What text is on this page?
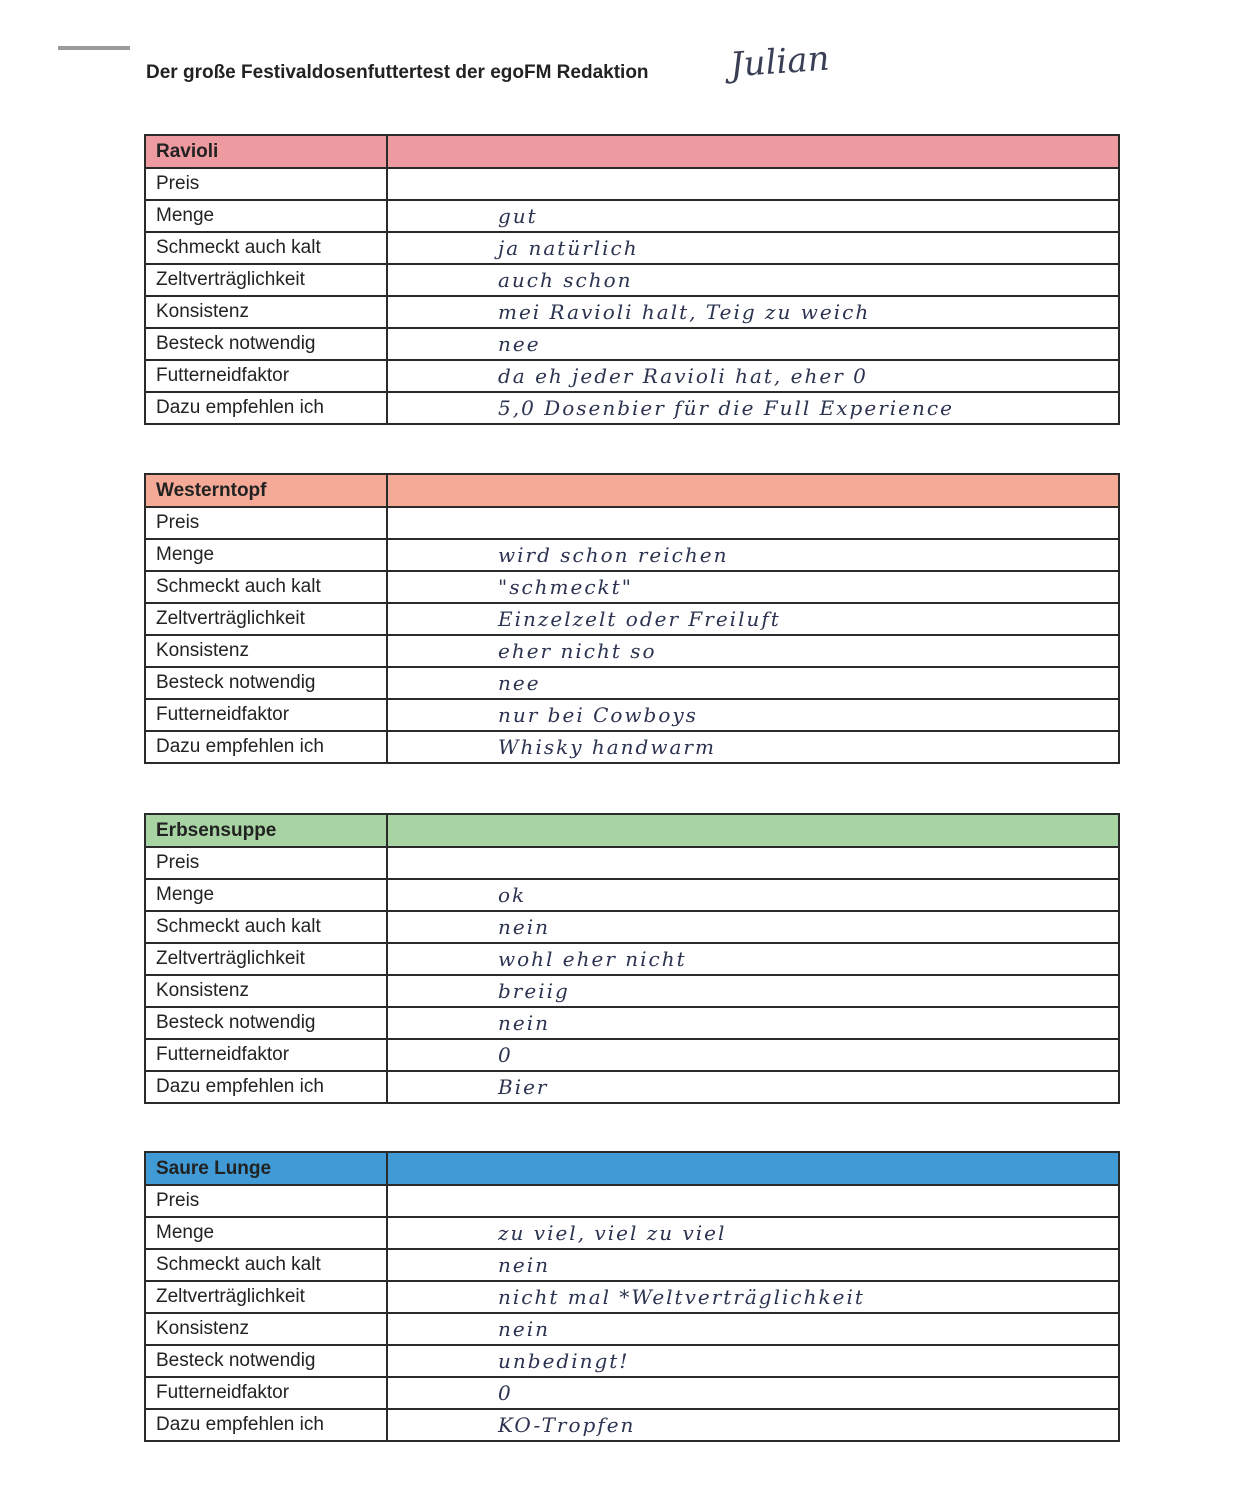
Der große Festivaldosenfuttertest der egoFM Redaktion Julian
Ravioli	
Preis	
Menge	gut
Schmeckt auch kalt	ja natürlich
Zeltverträglichkeit	auch schon
Konsistenz	mei Ravioli halt, Teig zu weich
Besteck notwendig	nee
Futterneidfaktor	da eh jeder Ravioli hat, eher 0
Dazu empfehlen ich	5,0 Dosenbier für die Full Experience
Westerntopf	
Preis	
Menge	wird schon reichen
Schmeckt auch kalt	"schmeckt"
Zeltverträglichkeit	Einzelzelt oder Freiluft
Konsistenz	eher nicht so
Besteck notwendig	nee
Futterneidfaktor	nur bei Cowboys
Dazu empfehlen ich	Whisky handwarm
Erbsensuppe	
Preis	
Menge	ok
Schmeckt auch kalt	nein
Zeltverträglichkeit	wohl eher nicht
Konsistenz	breiig
Besteck notwendig	nein
Futterneidfaktor	0
Dazu empfehlen ich	Bier
Saure Lunge	
Preis	
Menge	zu viel, viel zu viel
Schmeckt auch kalt	nein
Zeltverträglichkeit	nicht mal *Weltverträglichkeit
Konsistenz	nein
Besteck notwendig	unbedingt!
Futterneidfaktor	0
Dazu empfehlen ich	KO-Tropfen
